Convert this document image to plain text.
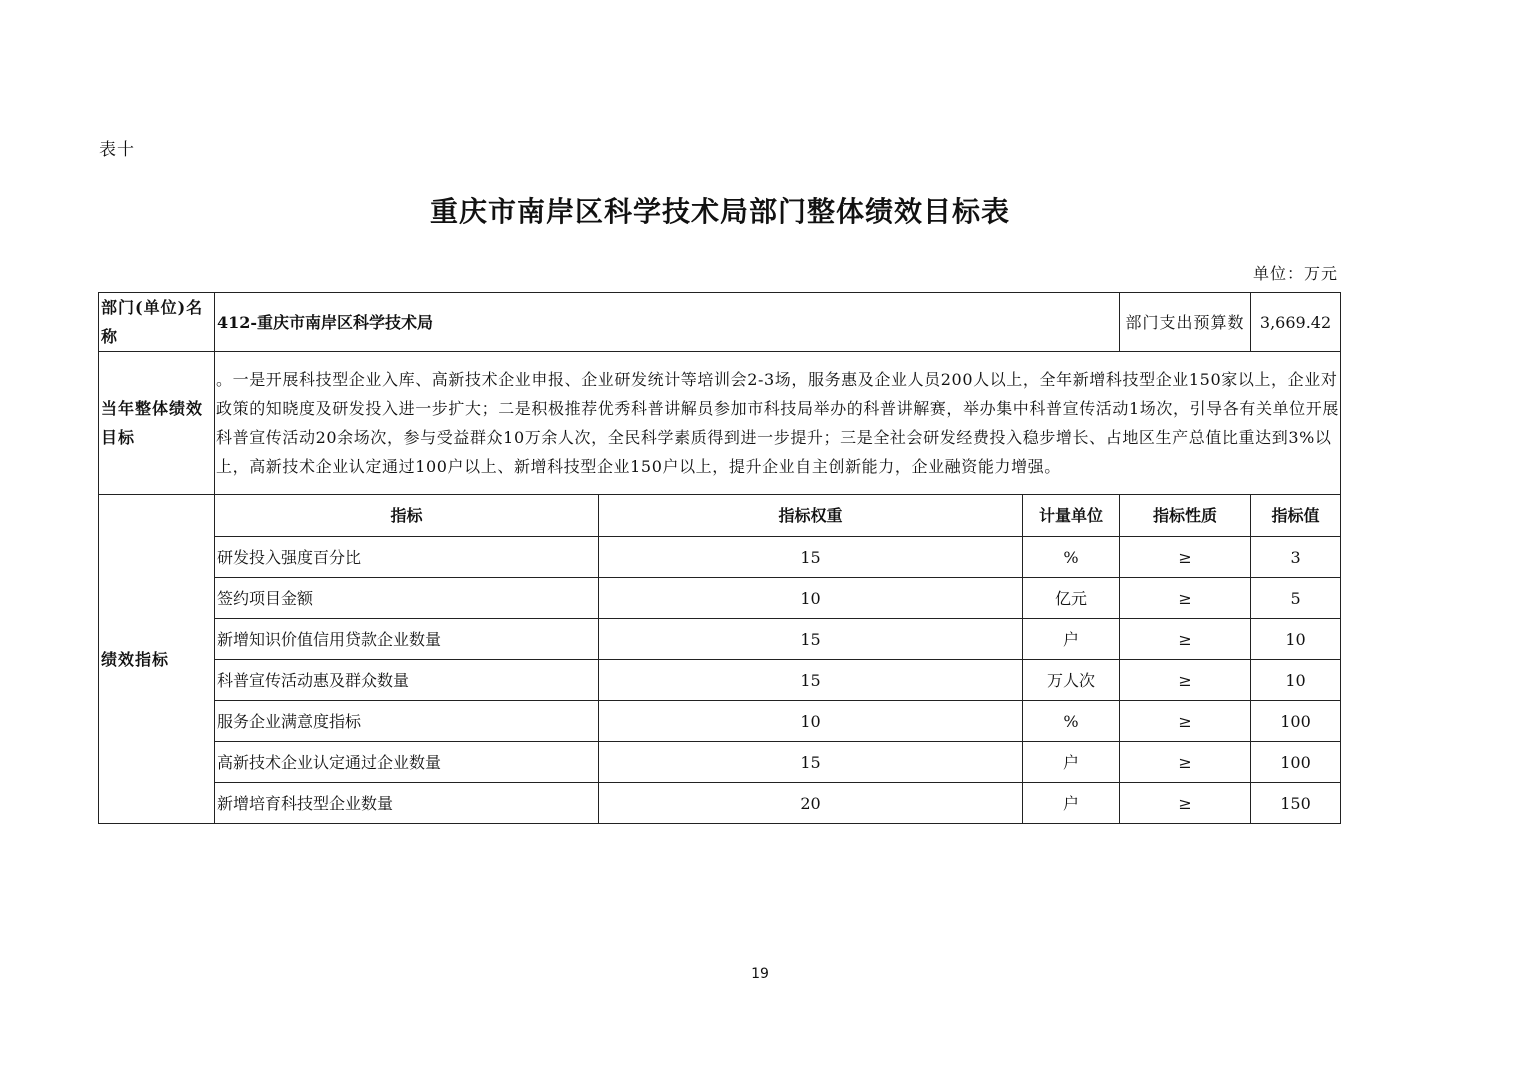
表十
重庆市南岸区科学技术局部门整体绩效目标表
单位：万元
部门(单位)名称	412-重庆市南岸区科学技术局			部门支出预算数	3,669.42
当年整体绩效目标	。一是开展科技型企业入库、高新技术企业申报、企业研发统计等培训会2-3场，服务惠及企业人员200人以上，全年新增科技型企业150家以上，企业对政策的知晓度及研发投入进一步扩大；二是积极推荐优秀科普讲解员参加市科技局举办的科普讲解赛，举办集中科普宣传活动1场次，引导各有关单位开展科普宣传活动20余场次，参与受益群众10万余人次，全民科学素质得到进一步提升；三是全社会研发经费投入稳步增长、占地区生产总值比重达到3%以上，高新技术企业认定通过100户以上、新增科技型企业150户以上，提升企业自主创新能力，企业融资能力增强。				
绩效指标	指标	指标权重	计量单位	指标性质	指标值
	研发投入强度百分比	15	%	≥	3
	签约项目金额	10	亿元	≥	5
	新增知识价值信用贷款企业数量	15	户	≥	10
	科普宣传活动惠及群众数量	15	万人次	≥	10
	服务企业满意度指标	10	%	≥	100
	高新技术企业认定通过企业数量	15	户	≥	100
	新增培育科技型企业数量	20	户	≥	150
19
